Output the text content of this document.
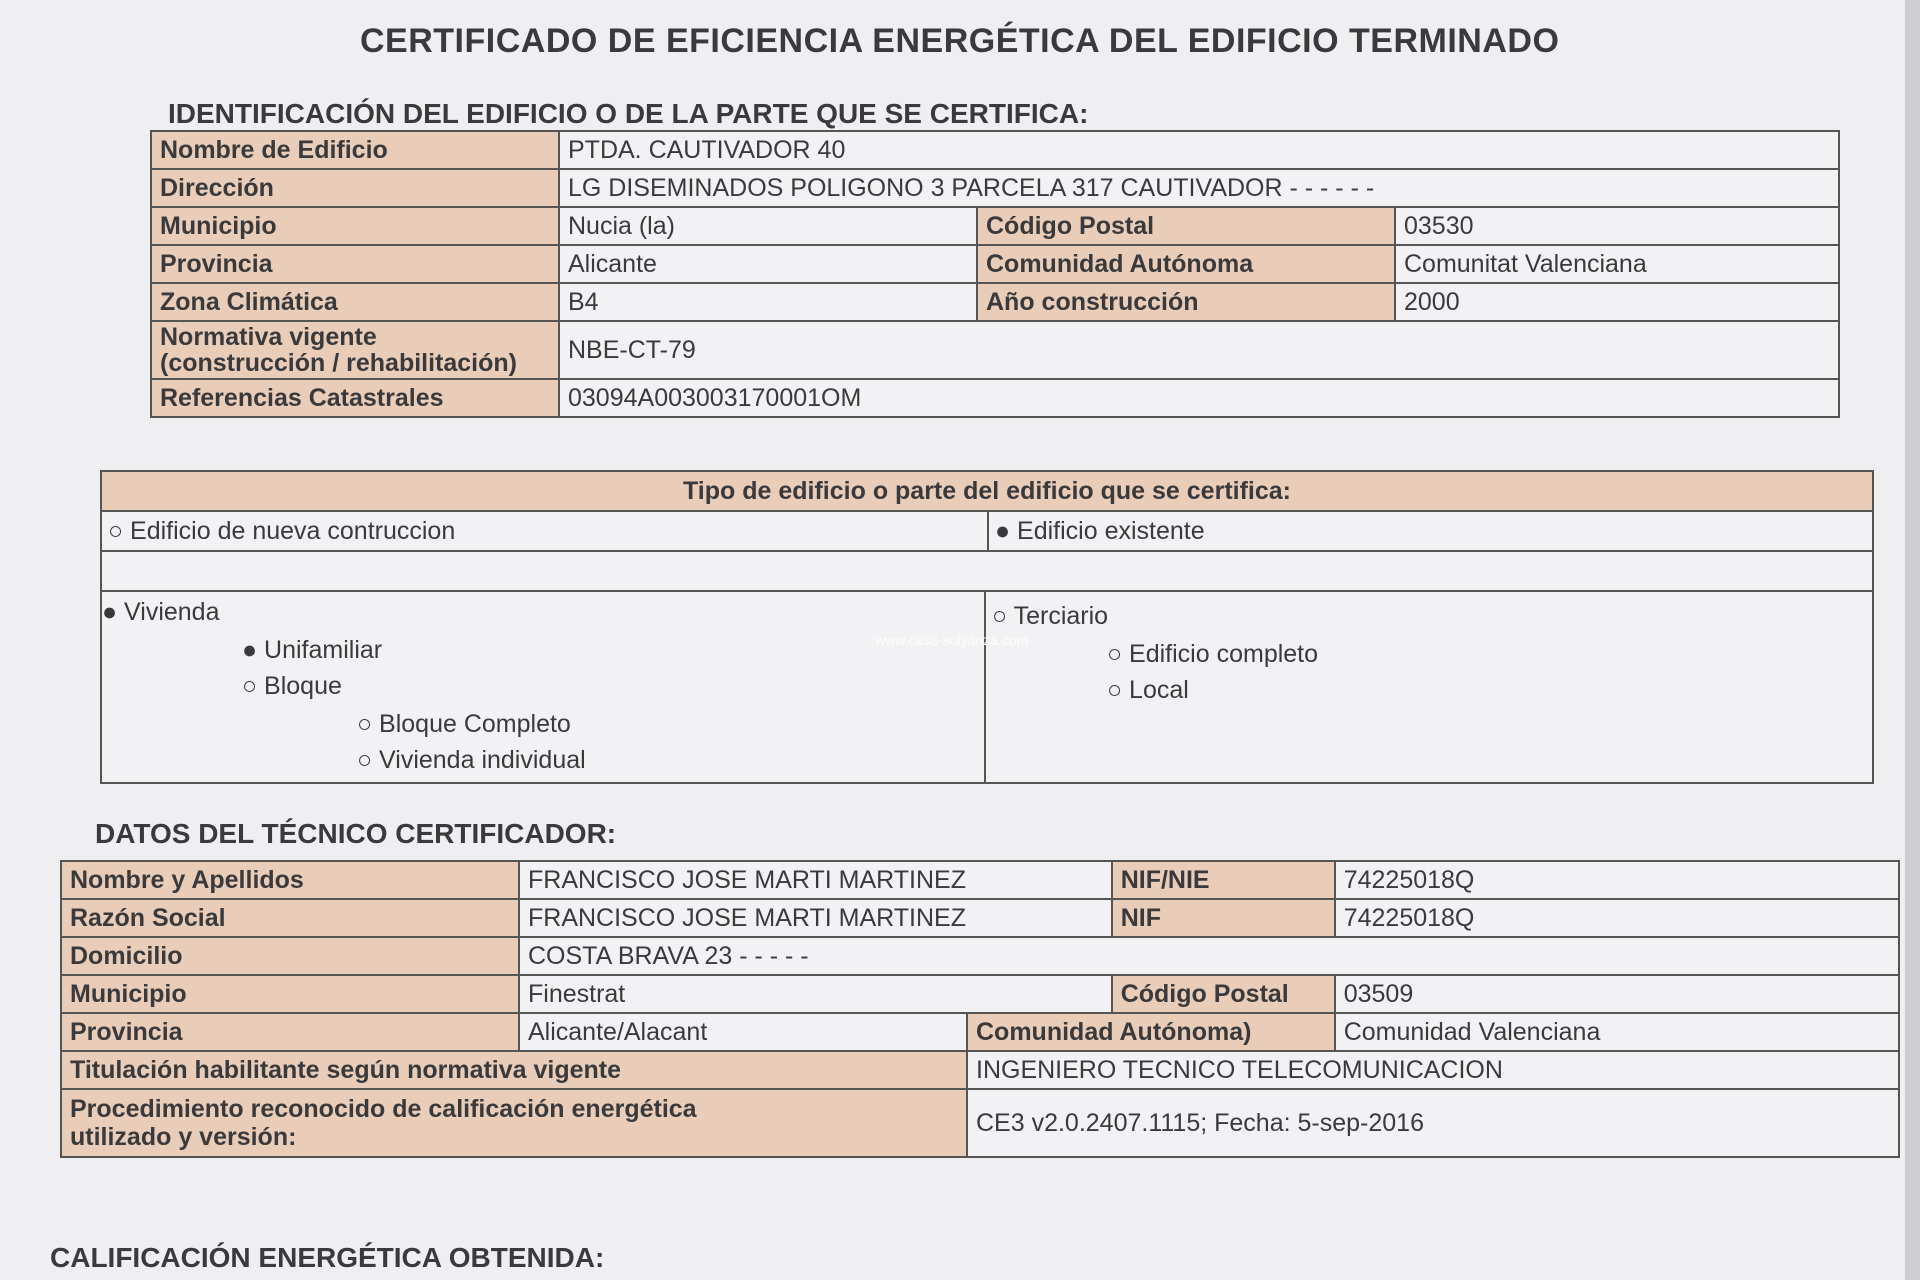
CERTIFICADO DE EFICIENCIA ENERGÉTICA DEL EDIFICIO TERMINADO
IDENTIFICACIÓN DEL EDIFICIO O DE LA PARTE QUE SE CERTIFICA:
Nombre de Edificio	PTDA. CAUTIVADOR 40		
Dirección	LG DISEMINADOS POLIGONO 3 PARCELA 317 CAUTIVADOR - - - - - -		
Municipio	Nucia (la)	Código Postal	03530
Provincia	Alicante	Comunidad Autónoma	Comunitat Valenciana
Zona Climática	B4	Año construcción	2000
Normativa vigente
(construcción / rehabilitación)	NBE-CT-79		
Referencias Catastrales	03094A003003170001OM		
Tipo de edificio o parte del edificio que se certifica:
○ Edificio de nueva contruccion	● Edificio existente
● Vivienda
● Unifamiliar
○ Bloque
○ Bloque Completo
○ Vivienda individual
○ Terciario
○ Edificio completo
○ Local
www.casa-solyanza.com
DATOS DEL TÉCNICO CERTIFICADOR:
Nombre y Apellidos	FRANCISCO JOSE MARTI MARTINEZ		NIF/NIE	74225018Q
Razón Social	FRANCISCO JOSE MARTI MARTINEZ		NIF	74225018Q
Domicilio	COSTA BRAVA 23 - - - - -			
Municipio	Finestrat		Código Postal	03509
Provincia	Alicante/Alacant	Comunidad Autónoma)		Comunidad Valenciana
Titulación habilitante según normativa vigente		INGENIERO TECNICO TELECOMUNICACION		
Procedimiento reconocido de calificación energética
utilizado y versión:		CE3 v2.0.2407.1115; Fecha: 5-sep-2016		
CALIFICACIÓN ENERGÉTICA OBTENIDA:
